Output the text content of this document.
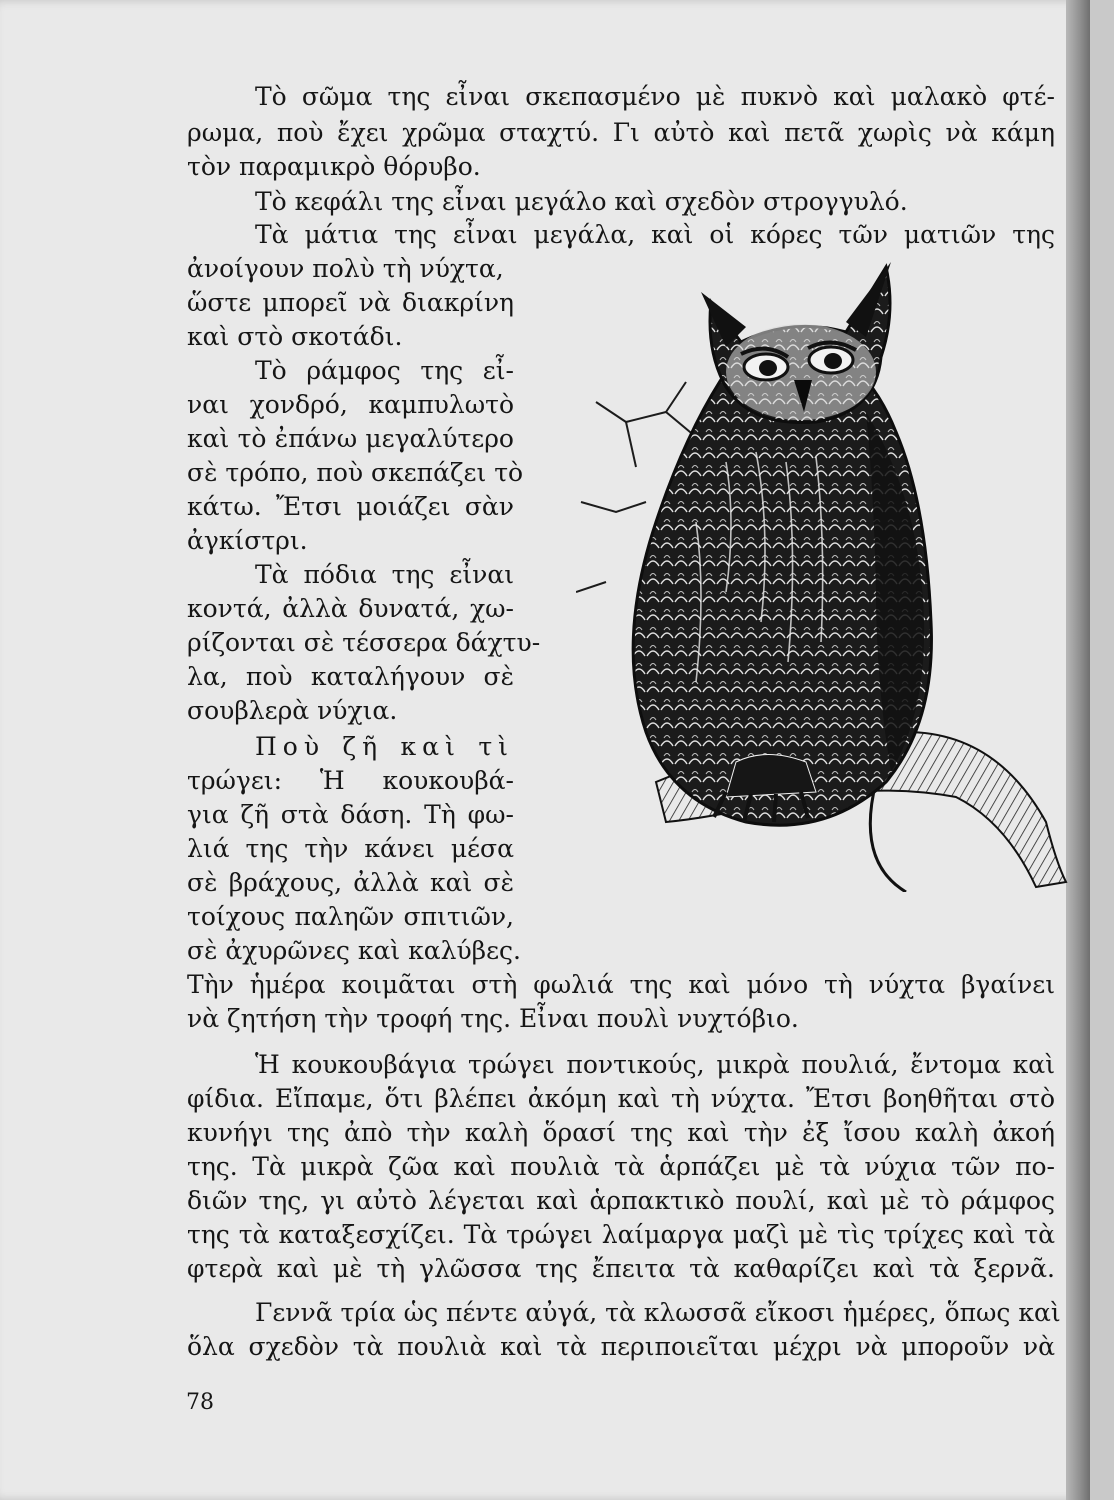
Τὸ σῶμα της εἶναι σκεπασμένο μὲ πυκνὸ καὶ μαλακὸ φτέ-
ρωμα, ποὺ ἔχει χρῶμα σταχτύ. Γι αὐτὸ καὶ πετᾶ χωρὶς νὰ κάμη
τὸν παραμικρὸ θόρυβο.
Τὸ κεφάλι της εἶναι μεγάλο καὶ σχεδὸν στρογγυλό.
Τὰ μάτια της εἶναι μεγάλα, καὶ οἱ κόρες τῶν ματιῶν της
ἀνοίγουν πολὺ τὴ νύχτα,
ὥστε μπορεῖ νὰ διακρίνη
καὶ στὸ σκοτάδι.
Τὸ ράμφος της εἶ-
ναι χονδρό, καμπυλωτὸ
καὶ τὸ ἐπάνω μεγαλύτερο
σὲ τρόπο, ποὺ σκεπάζει τὸ
κάτω. Ἔτσι μοιάζει σὰν
ἀγκίστρι.
Τὰ πόδια της εἶναι
κοντά, ἀλλὰ δυνατά, χω-
ρίζονται σὲ τέσσερα δάχτυ-
λα, ποὺ καταλήγουν σὲ
σουβλερὰ νύχια.
Ποὺ ζῆ καὶ τὶ
τρώγει: Ἡ κουκουβά-
για ζῆ στὰ δάση. Τὴ φω-
λιά της τὴν κάνει μέσα
σὲ βράχους, ἀλλὰ καὶ σὲ
τοίχους παληῶν σπιτιῶν,
σὲ ἀχυρῶνες καὶ καλύβες.
Τὴν ἡμέρα κοιμᾶται στὴ φωλιά της καὶ μόνο τὴ νύχτα βγαίνει
νὰ ζητήση τὴν τροφή της. Εἶναι πουλὶ νυχτόβιο.
Ἡ κουκουβάγια τρώγει ποντικούς, μικρὰ πουλιά, ἔντομα καὶ
φίδια. Εἴπαμε, ὅτι βλέπει ἀκόμη καὶ τὴ νύχτα. Ἔτσι βοηθῆται στὸ
κυνήγι της ἀπὸ τὴν καλὴ ὅρασί της καὶ τὴν ἐξ ἴσου καλὴ ἀκοή
της. Τὰ μικρὰ ζῶα καὶ πουλιὰ τὰ ἁρπάζει μὲ τὰ νύχια τῶν πο-
διῶν της, γι αὐτὸ λέγεται καὶ ἁρπακτικὸ πουλί, καὶ μὲ τὸ ράμφος
της τὰ καταξεσχίζει. Τὰ τρώγει λαίμαργα μαζὶ μὲ τὶς τρίχες καὶ τὰ
φτερὰ καὶ μὲ τὴ γλῶσσα της ἔπειτα τὰ καθαρίζει καὶ τὰ ξερνᾶ.
Γεννᾶ τρία ὡς πέντε αὐγά, τὰ κλωσσᾶ εἴκοσι ἡμέρες, ὅπως καὶ
ὅλα σχεδὸν τὰ πουλιὰ καὶ τὰ περιποιεῖται μέχρι νὰ μποροῦν νὰ
78
